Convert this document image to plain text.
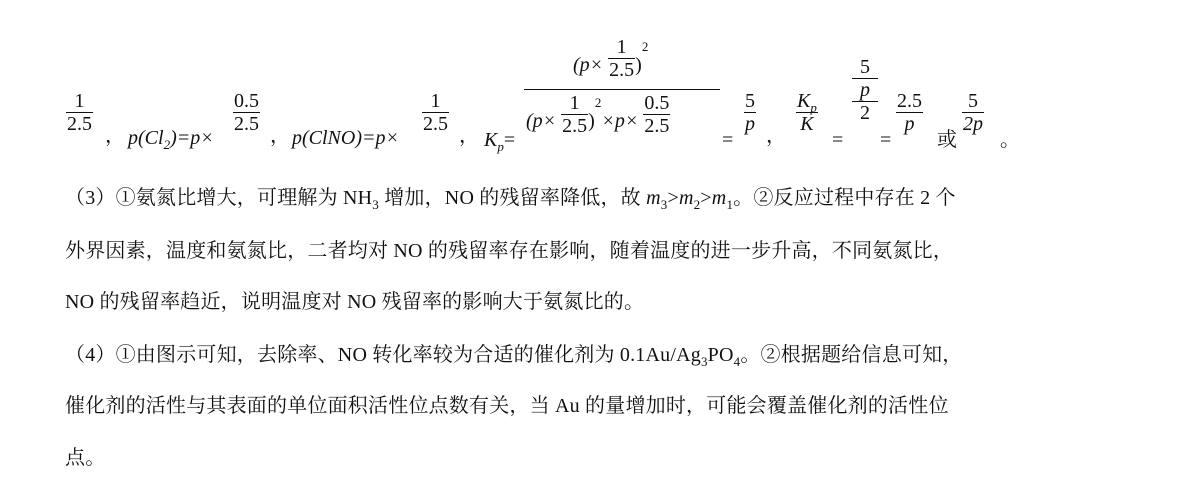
$\frac{1}{2.5}$
， $p(Cl_2)=p\times$
$\frac{0.5}{2.5}$
， p(ClNO)=p×
$\frac{1}{2.5}$
， $K_p=$
$(p\times \frac{1}{2.5} )^2$
$(p\times \frac{1}{2.5} )^2\times p\times \frac{0.5}{2.5}$
=
$\frac{5}{p}$
，
$\frac{K_p}{K}$
=
5
p
2
=
$\frac{2.5}{p}$
或
$\frac{5}{2p}$
。
（3）①氨氮比增大，可理解为 $NH_3$ 增加，NO 的残留率降低，故 $m_3>m_2>m_1$。②反应过程中存在 2 个
外界因素，温度和氨氮比，二者均对 NO 的残留率存在影响，随着温度的进一步升高，不同氨氮比，
NO 的残留率趋近，说明温度对 NO 残留率的影响大于氨氮比的。
（4）①由图示可知，去除率、NO 转化率较为合适的催化剂为 $0.1Au/Ag_3PO_4$。②根据题给信息可知，
催化剂的活性与其表面的单位面积活性位点数有关，当 Au 的量增加时，可能会覆盖催化剂的活性位
点。
